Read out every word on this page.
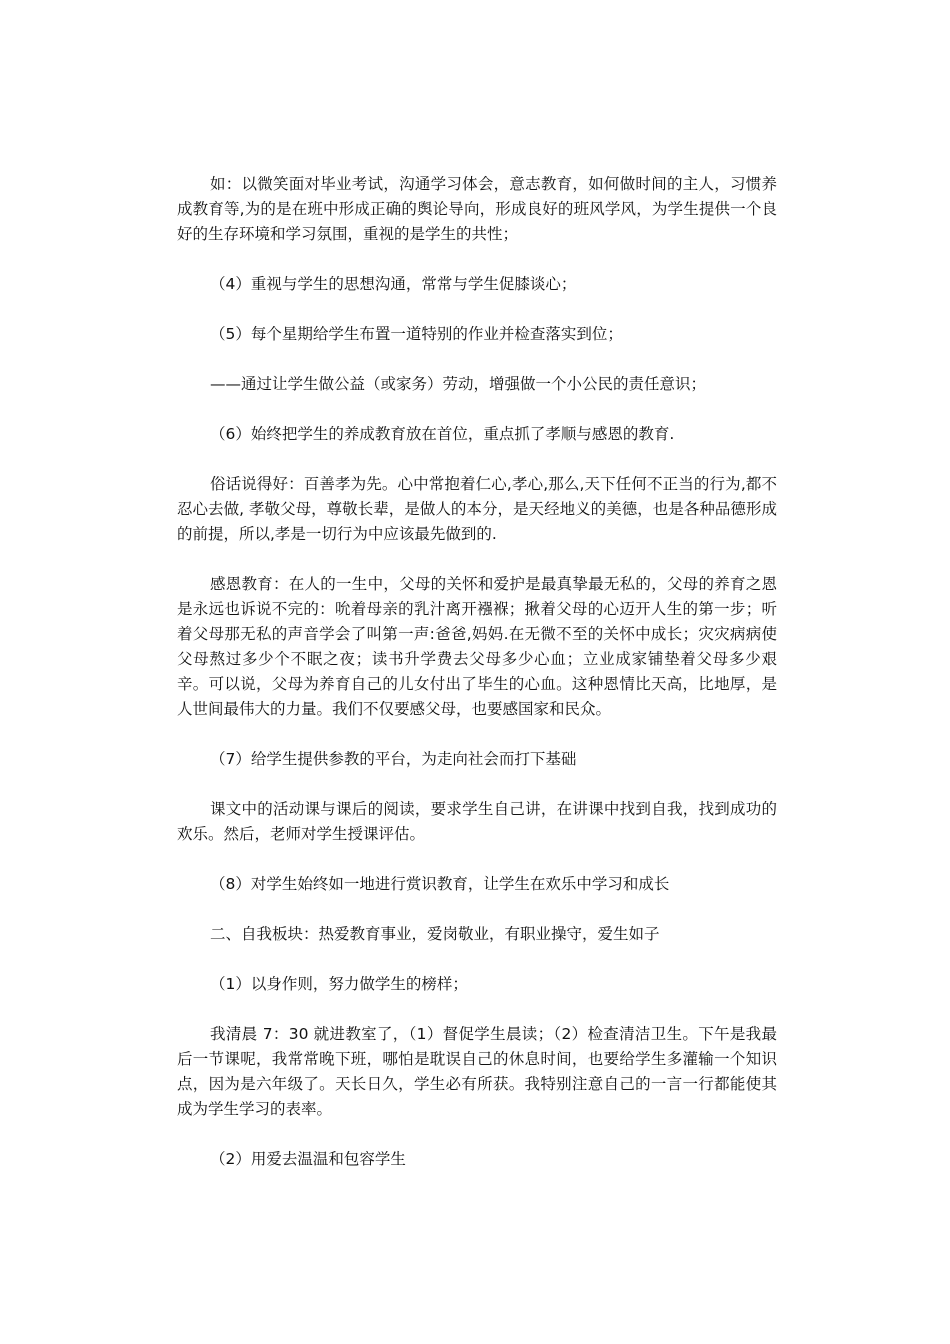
如：以微笑面对毕业考试，沟通学习体会，意志教育，如何做时间的主人，习惯养成教育等,为的是在班中形成正确的舆论导向，形成良好的班风学风，为学生提供一个良好的生存环境和学习氛围，重视的是学生的共性；

（4）重视与学生的思想沟通，常常与学生促膝谈心；

（5）每个星期给学生布置一道特别的作业并检查落实到位；

——通过让学生做公益（或家务）劳动，增强做一个小公民的责任意识；

（6）始终把学生的养成教育放在首位，重点抓了孝顺与感恩的教育.

俗话说得好：百善孝为先。心中常抱着仁心,孝心,那么,天下任何不正当的行为,都不忍心去做, 孝敬父母，尊敬长辈，是做人的本分，是天经地义的美德，也是各种品德形成的前提，所以,孝是一切行为中应该最先做到的.

感恩教育：在人的一生中，父母的关怀和爱护是最真挚最无私的，父母的养育之恩是永远也诉说不完的：吮着母亲的乳汁离开襁褓；揪着父母的心迈开人生的第一步；听着父母那无私的声音学会了叫第一声:爸爸,妈妈.在无微不至的关怀中成长；灾灾病病使父母熬过多少个不眠之夜；读书升学费去父母多少心血；立业成家铺垫着父母多少艰辛。可以说，父母为养育自己的儿女付出了毕生的心血。这种恩情比天高，比地厚，是人世间最伟大的力量。我们不仅要感父母，也要感国家和民众。

（7）给学生提供参教的平台，为走向社会而打下基础

课文中的活动课与课后的阅读，要求学生自己讲，在讲课中找到自我，找到成功的欢乐。然后，老师对学生授课评估。

（8）对学生始终如一地进行赏识教育，让学生在欢乐中学习和成长

二、自我板块：热爱教育事业，爱岗敬业，有职业操守，爱生如子

（1）以身作则，努力做学生的榜样；

我清晨 7：30 就进教室了，（1）督促学生晨读；（2）检查清洁卫生。下午是我最后一节课呢，我常常晚下班，哪怕是耽误自己的休息时间，也要给学生多灌输一个知识点，因为是六年级了。天长日久，学生必有所获。我特别注意自己的一言一行都能使其成为学生学习的表率。

（2）用爱去温温和包容学生
